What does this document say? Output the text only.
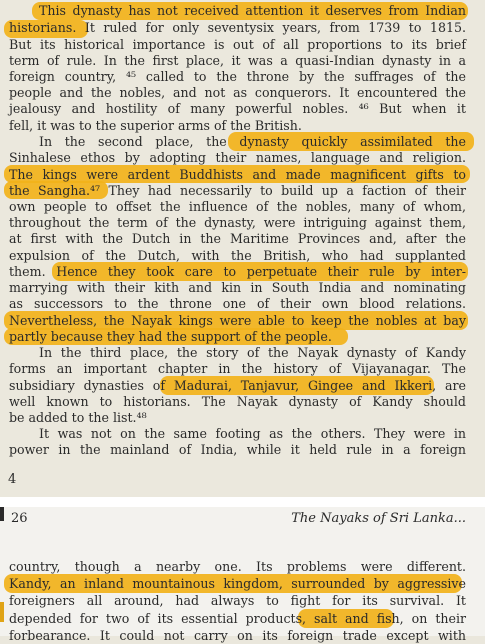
This dynasty has not received attention it deserves from Indian
historians. It ruled for only seventysix years, from 1739 to 1815.
But its historical importance is out of all proportions to its brief
term of rule. In the first place, it was a quasi-Indian dynasty in a
foreign country, ⁴⁵ called to the throne by the suffrages of the
people and the nobles, and not as conquerors. It encountered the
jealousy and hostility of many powerful nobles. ⁴⁶ But when it
fell, it was to the superior arms of the British.
In the second place, the dynasty quickly assimilated the
Sinhalese ethos by adopting their names, language and religion.
The kings were ardent Buddhists and made magnificent gifts to
the Sangha.⁴⁷ They had necessarily to build up a faction of their
own people to offset the influence of the nobles, many of whom,
throughout the term of the dynasty, were intriguing against them,
at first with the Dutch in the Maritime Provinces and, after the
expulsion of the Dutch, with the British, who had supplanted
them. Hence they took care to perpetuate their rule by inter-
marrying with their kith and kin in South India and nominating
as successors to the throne one of their own blood relations.
Nevertheless, the Nayak kings were able to keep the nobles at bay
partly because they had the support of the people.
In the third place, the story of the Nayak dynasty of Kandy
forms an important chapter in the history of Vijayanagar. The
subsidiary dynasties of Madurai, Tanjavur, Gingee and Ikkeri, are
well known to historians. The Nayak dynasty of Kandy should
be added to the list.⁴⁸
It was not on the same footing as the others. They were in
power in the mainland of India, while it held rule in a foreign
4
26	The Nayaks of Sri Lanka...
country, though a nearby one. Its problems were different.
Kandy, an inland mountainous kingdom, surrounded by aggressive
foreigners all around, had always to fight for its survival. It
depended for two of its essential products, salt and fish, on their
forbearance. It could not carry on its foreign trade except with
